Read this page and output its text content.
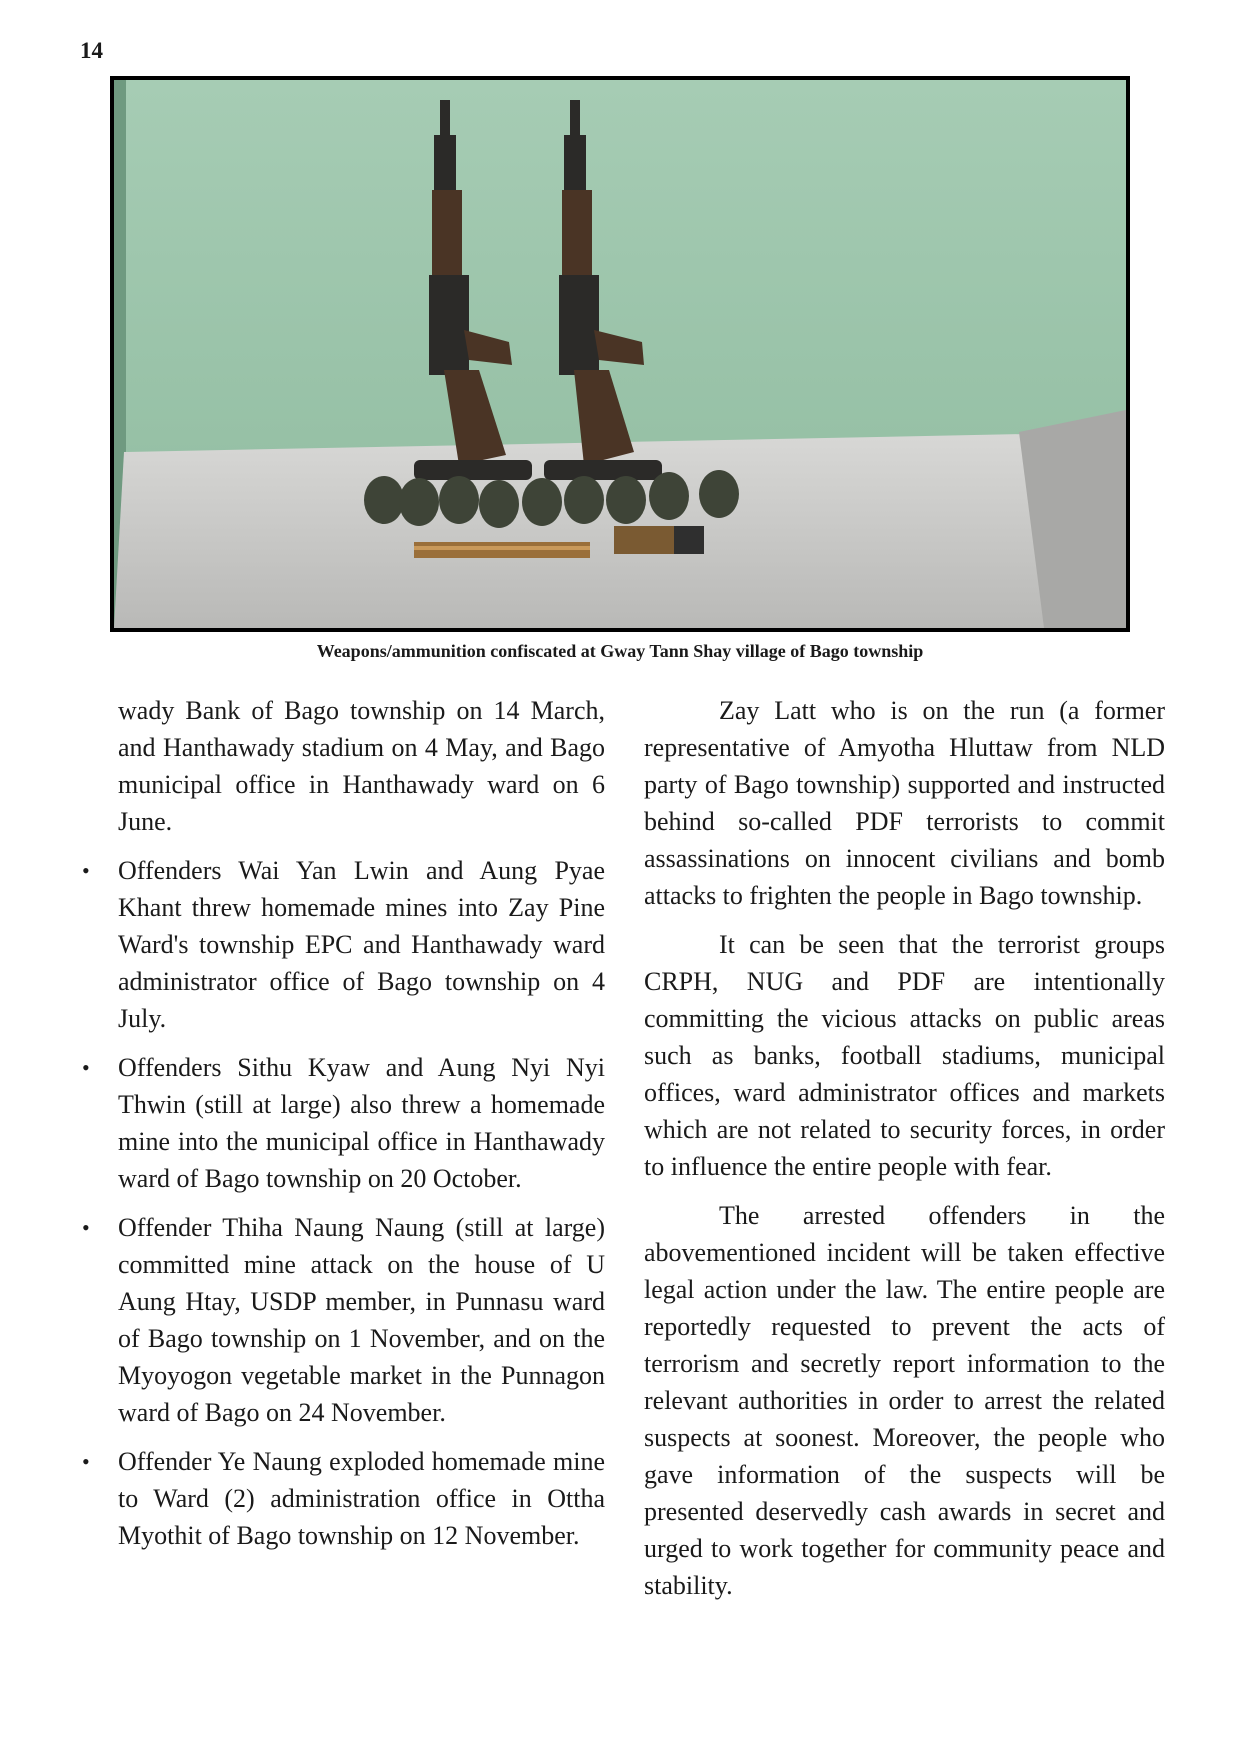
14
Weapons/ammunition confiscated at Gway Tann Shay village of Bago township

wady Bank of Bago township on 14 March, and Hanthawady stadium on 4 May, and Bago municipal office in Hanthawady ward on 6 June.

• Offenders Wai Yan Lwin and Aung Pyae Khant threw homemade mines into Zay Pine Ward's township EPC and Hanthawady ward administrator office of Bago township on 4 July.
• Offenders Sithu Kyaw and Aung Nyi Nyi Thwin (still at large) also threw a homemade mine into the municipal office in Hanthawady ward of Bago township on 20 October.
• Offender Thiha Naung Naung (still at large) committed mine attack on the house of U Aung Htay, USDP member, in Punnasu ward of Bago township on 1 November, and on the Myoyogon vegetable market in the Punnagon ward of Bago on 24 November.
• Offender Ye Naung exploded homemade mine to Ward (2) administration office in Ottha Myothit of Bago township on 12 November.

Zay Latt who is on the run (a former representative of Amyotha Hluttaw from NLD party of Bago township) supported and instructed behind so-called PDF terrorists to commit assassinations on innocent civilians and bomb attacks to frighten the people in Bago township.

It can be seen that the terrorist groups CRPH, NUG and PDF are intentionally committing the vicious attacks on public areas such as banks, football stadiums, municipal offices, ward administrator offices and markets which are not related to security forces, in order to influence the entire people with fear.

The arrested offenders in the abovementioned incident will be taken effective legal action under the law. The entire people are reportedly requested to prevent the acts of terrorism and secretly report information to the relevant authorities in order to arrest the related suspects at soonest. Moreover, the people who gave information of the suspects will be presented deservedly cash awards in secret and urged to work together for community peace and stability.
